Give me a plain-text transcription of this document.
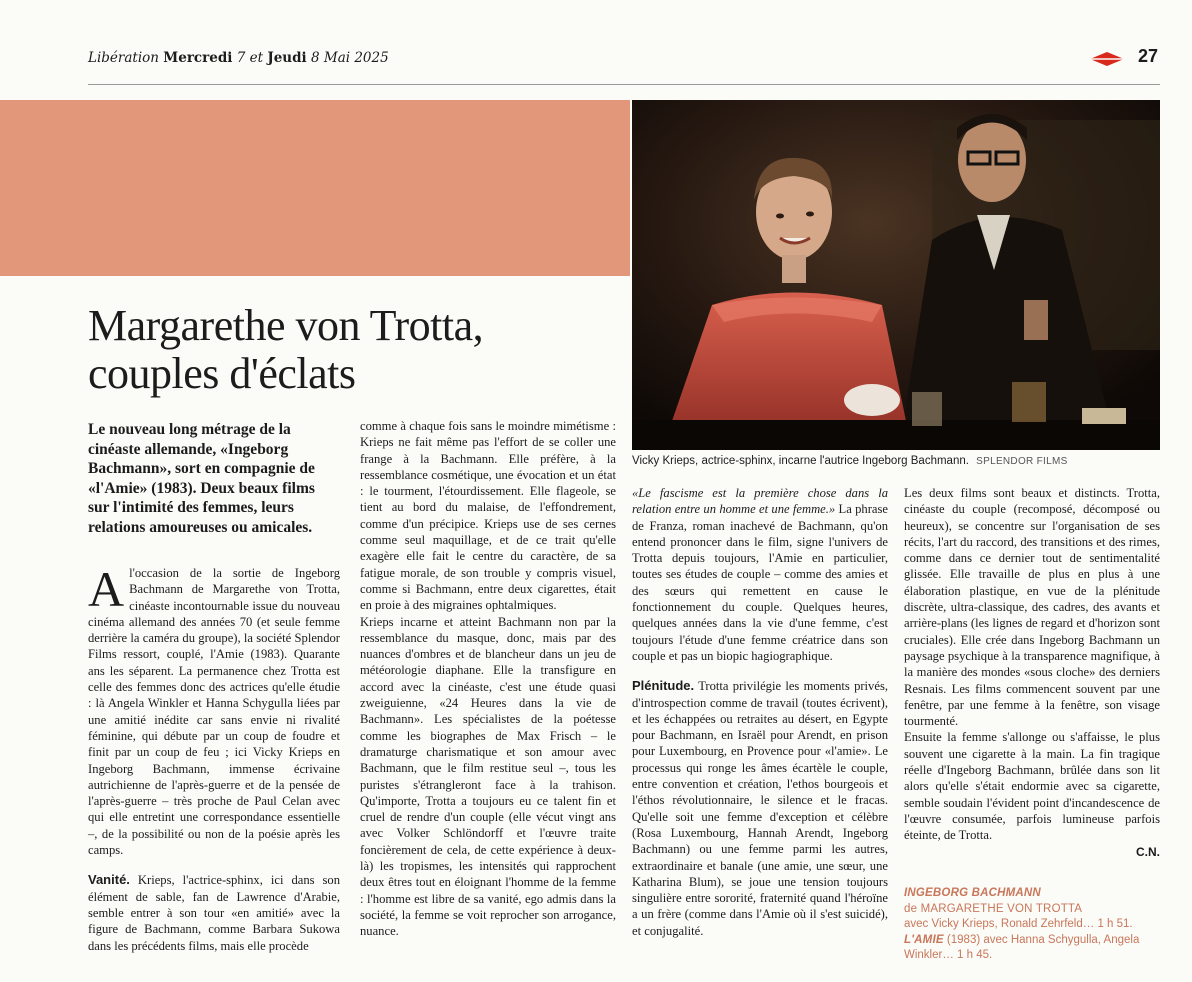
Libération Mercredi 7 et Jeudi 8 Mai 2025	27
Vicky Krieps, actrice-sphinx, incarne l'autrice Ingeborg Bachmann. SPLENDOR FILMS
Margarethe von Trotta,
couples d'éclats

Le nouveau long métrage de la cinéaste allemande, «Ingeborg Bachmann», sort en compagnie de «l'Amie» (1983). Deux beaux films sur l'intimité des femmes, leurs relations amoureuses ou amicales.

Al'occasion de la sortie de Ingeborg Bachmann de Margarethe von Trotta, cinéaste incontournable issue du nouveau cinéma allemand des années 70 (et seule femme derrière la caméra du groupe), la société Splendor Films ressort, couplé, l'Amie (1983). Quarante ans les séparent. La permanence chez Trotta est celle des femmes donc des actrices qu'elle étudie : là Angela Winkler et Hanna Schygulla liées par une amitié inédite car sans envie ni rivalité féminine, qui débute par un coup de foudre et finit par un coup de feu ; ici Vicky Krieps en Ingeborg Bachmann, immense écrivaine autrichienne de l'après-guerre et de la pensée de l'après-guerre – très proche de Paul Celan avec qui elle entretint une correspondance essentielle –, de la possibilité ou non de la poésie après les camps.

Vanité. Krieps, l'actrice-sphinx, ici dans son élément de sable, fan de Lawrence d'Arabie, semble entrer à son tour «en amitié» avec la figure de Bachmann, comme Barbara Sukowa dans les précédents films, mais elle procède

comme à chaque fois sans le moindre mimétisme : Krieps ne fait même pas l'effort de se coller une frange à la Bachmann. Elle préfère, à la ressemblance cosmétique, une évocation et un état : le tourment, l'étourdissement. Elle flageole, se tient au bord du malaise, de l'effondrement, comme d'un précipice. Krieps use de ses cernes comme seul maquillage, et de ce trait qu'elle exagère elle fait le centre du caractère, de sa fatigue morale, de son trouble y compris visuel, comme si Bachmann, entre deux cigarettes, était en proie à des migraines ophtalmiques.

Krieps incarne et atteint Bachmann non par la ressemblance du masque, donc, mais par des nuances d'ombres et de blancheur dans un jeu de météorologie diaphane. Elle la transfigure en accord avec la cinéaste, c'est une étude quasi zweiguienne, «24 Heures dans la vie de Bachmann». Les spécialistes de la poétesse comme les biographes de Max Frisch – le dramaturge charismatique et son amour avec Bachmann, que le film restitue seul –, tous les puristes s'étrangleront face à la trahison. Qu'importe, Trotta a toujours eu ce talent fin et cruel de rendre d'un couple (elle vécut vingt ans avec Volker Schlöndorff et l'œuvre traite foncièrement de cela, de cette expérience à deux-là) les tropismes, les intensités qui rapprochent deux êtres tout en éloignant l'homme de la femme : l'homme est libre de sa vanité, ego admis dans la société, la femme se voit reprocher son arrogance, nuance.

«Le fascisme est la première chose dans la relation entre un homme et une femme.» La phrase de Franza, roman inachevé de Bachmann, qu'on entend prononcer dans le film, signe l'univers de Trotta depuis toujours, l'Amie en particulier, toutes ses études de couple – comme des amies et des sœurs qui remettent en cause le fonctionnement du couple. Quelques heures, quelques années dans la vie d'une femme, c'est toujours l'étude d'une femme créatrice dans son couple et pas un biopic hagiographique.

Plénitude. Trotta privilégie les moments privés, d'introspection comme de travail (toutes écrivent), et les échappées ou retraites au désert, en Egypte pour Bachmann, en Israël pour Arendt, en prison pour Luxembourg, en Provence pour «l'amie». Le processus qui ronge les âmes écartèle le couple, entre convention et création, l'ethos bourgeois et l'éthos révolutionnaire, le silence et le fracas. Qu'elle soit une femme d'exception et célèbre (Rosa Luxembourg, Hannah Arendt, Ingeborg Bachmann) ou une femme parmi les autres, extraordinaire et banale (une amie, une sœur, une Katharina Blum), se joue une tension toujours singulière entre sororité, fraternité quand l'héroïne a un frère (comme dans l'Amie où il s'est suicidé), et conjugalité.

Les deux films sont beaux et distincts. Trotta, cinéaste du couple (recomposé, décomposé ou heureux), se concentre sur l'organisation de ses récits, l'art du raccord, des transitions et des rimes, comme dans ce dernier tout de sentimentalité glissée. Elle travaille de plus en plus à une élaboration plastique, en vue de la plénitude discrète, ultra-classique, des cadres, des avants et arrière-plans (les lignes de regard et d'horizon sont cruciales). Elle crée dans Ingeborg Bachmann un paysage psychique à la transparence magnifique, à la manière des mondes «sous cloche» des derniers Resnais. Les films commencent souvent par une fenêtre, par une femme à la fenêtre, son visage tourmenté.

Ensuite la femme s'allonge ou s'affaisse, le plus souvent une cigarette à la main. La fin tragique réelle d'Ingeborg Bachmann, brûlée dans son lit alors qu'elle s'était endormie avec sa cigarette, semble soudain l'évident point d'incandescence de l'œuvre consumée, parfois lumineuse parfois éteinte, de Trotta.

C.N.
INGEBORG BACHMANN
de MARGARETHE VON TROTTA
avec Vicky Krieps, Ronald Zehrfeld… 1 h 51.
L'AMIE (1983) avec Hanna Schygulla, Angela Winkler… 1 h 45.
